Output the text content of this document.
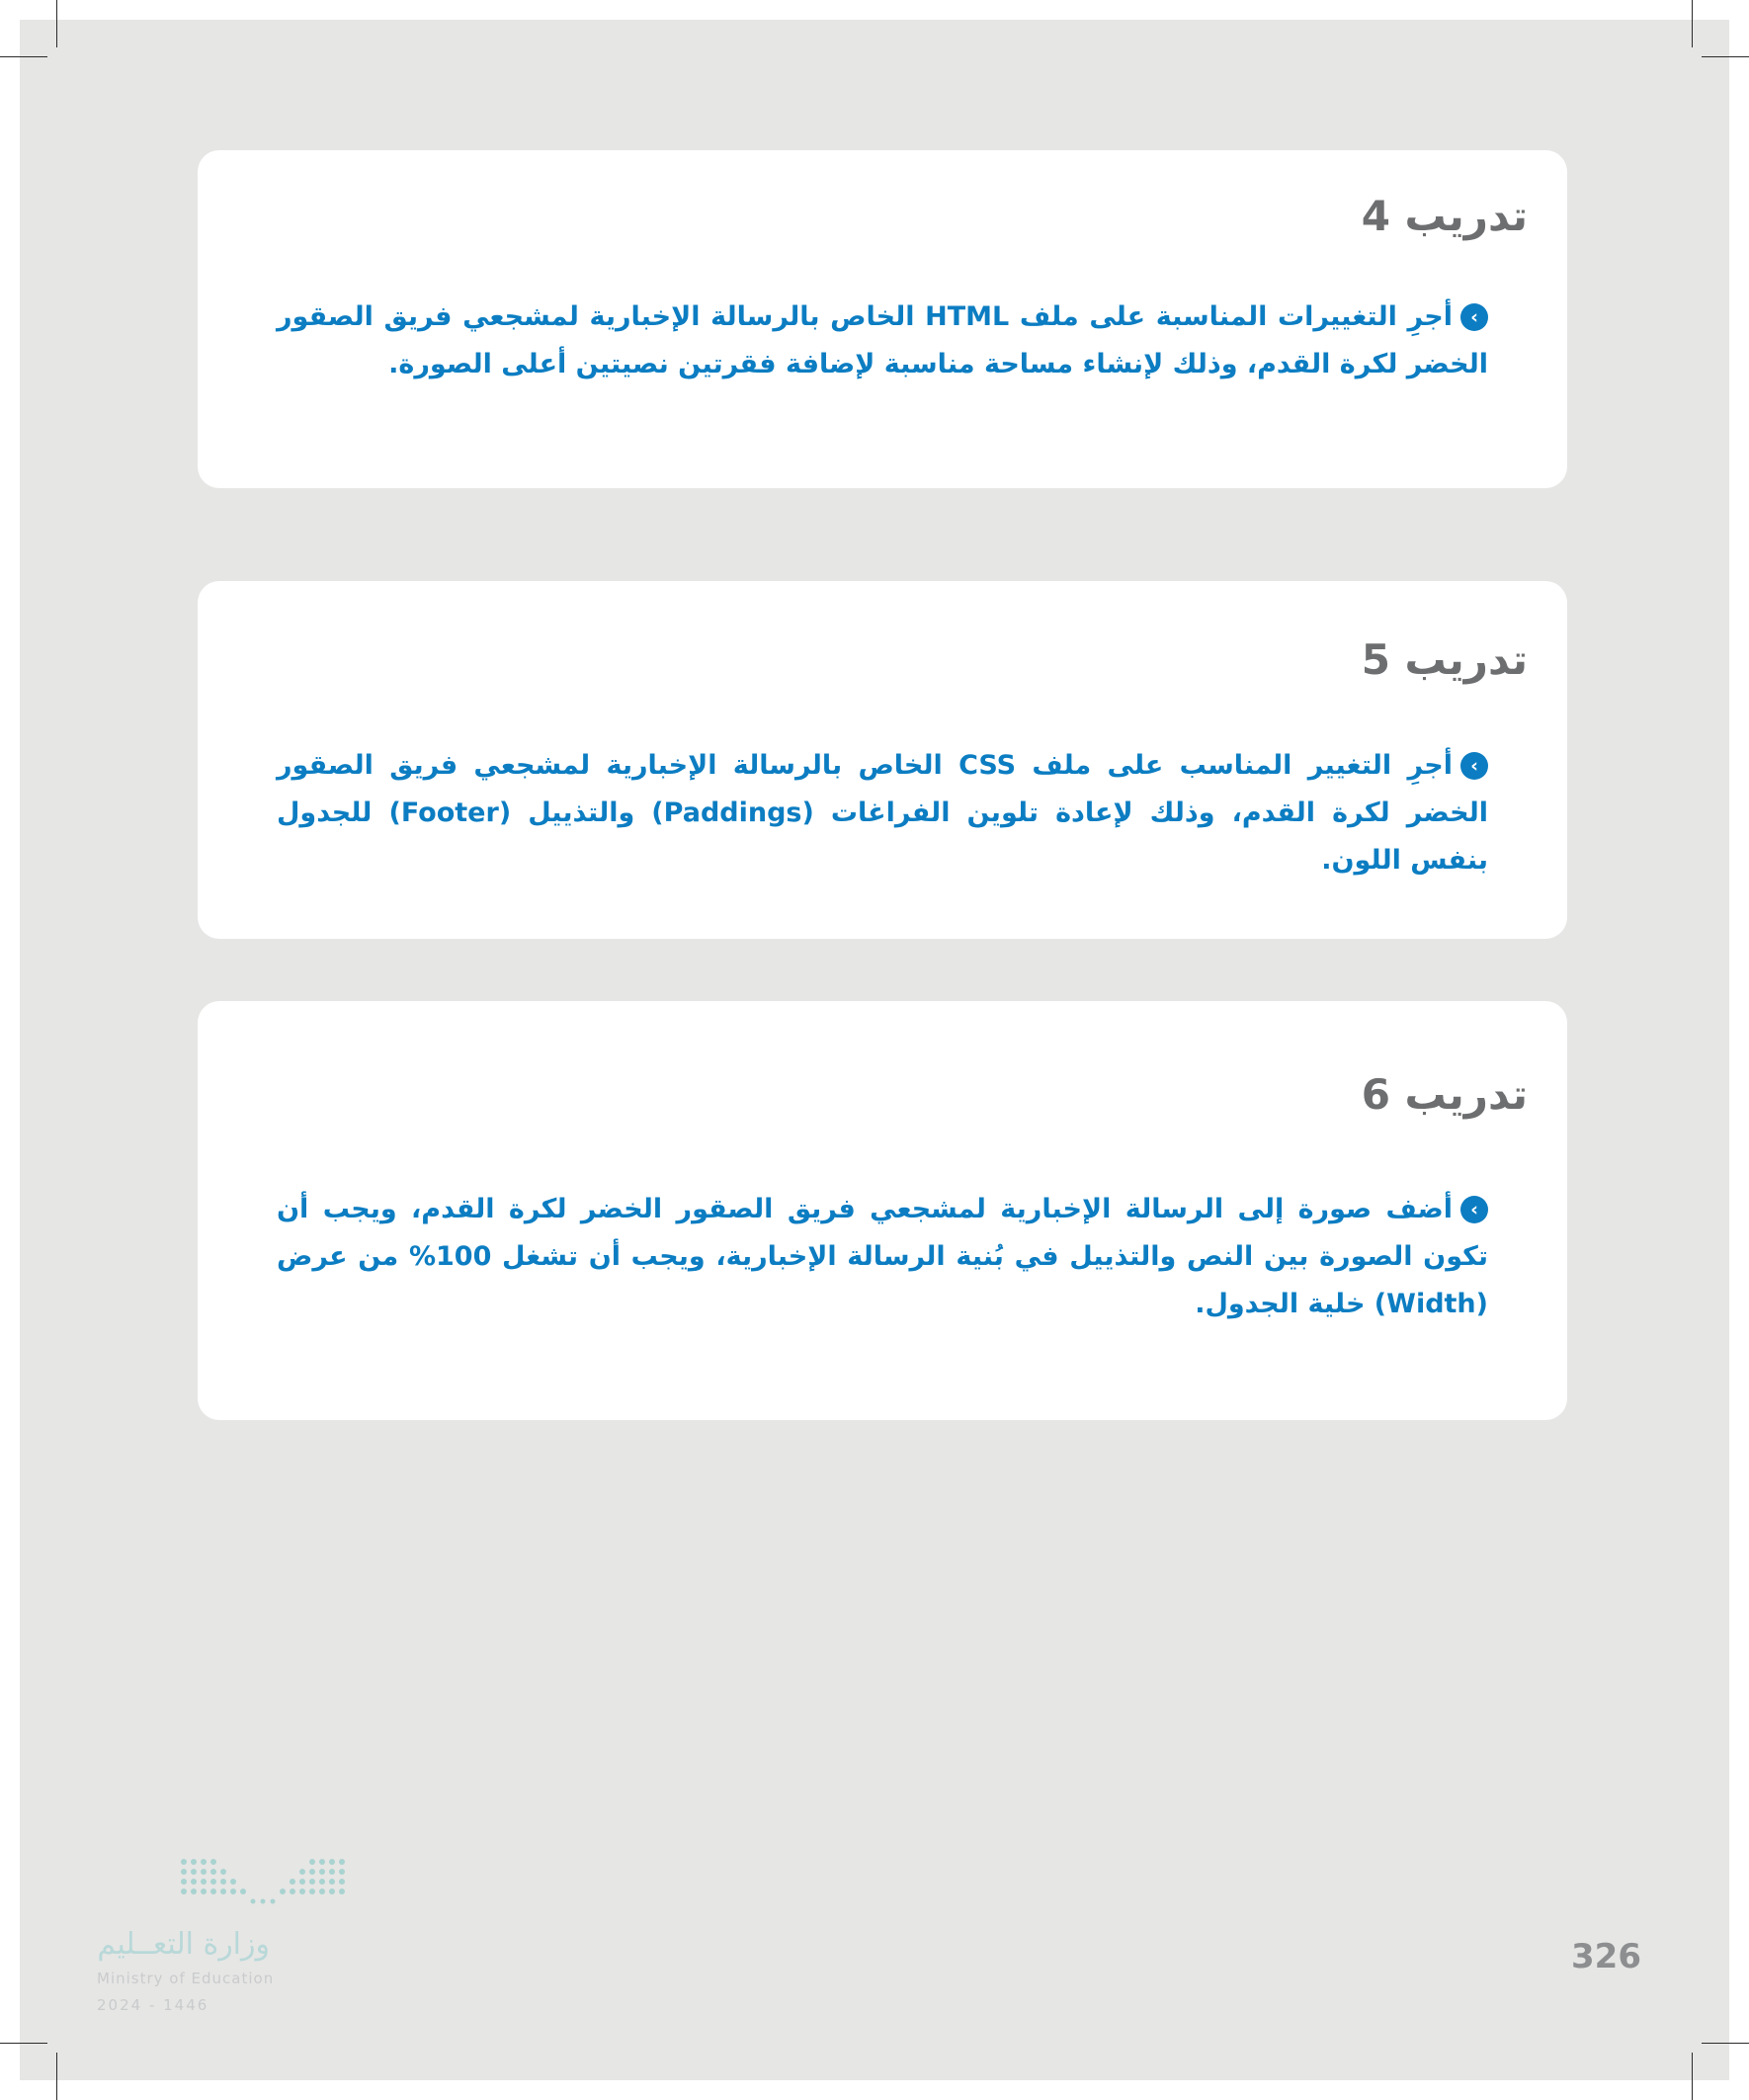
تدريب 4
‹

أجرِ التغييرات المناسبة على ملف HTML الخاص بالرسالة الإخبارية لمشجعي فريق الصقور الخضر لكرة القدم، وذلك لإنشاء مساحة مناسبة لإضافة فقرتين نصيتين أعلى الصورة.

تدريب 5
‹

أجرِ التغيير المناسب على ملف CSS الخاص بالرسالة الإخبارية لمشجعي فريق الصقور الخضر لكرة القدم، وذلك لإعادة تلوين الفراغات (Paddings) والتذييل (Footer) للجدول بنفس اللون.

تدريب 6
‹

أضف صورة إلى الرسالة الإخبارية لمشجعي فريق الصقور الخضر لكرة القدم، ويجب أن تكون الصورة بين النص والتذييل في بُنية الرسالة الإخبارية، ويجب أن تشغل 100% من عرض (Width) خلية الجدول.

وزارة التعــليم
Ministry of Education
2024 - 1446
326
